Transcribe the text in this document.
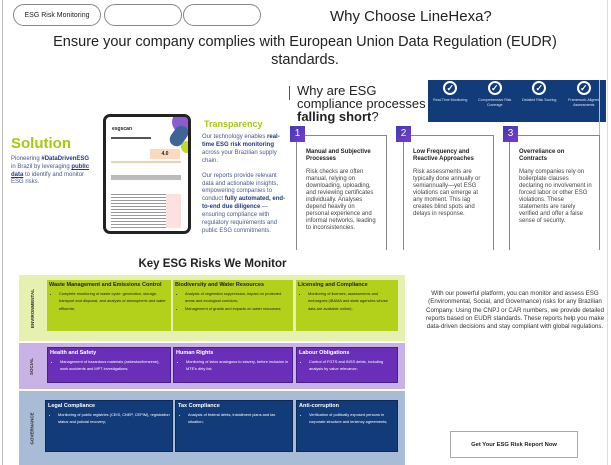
ESG Risk Monitoring	Why Choose LineHexa?
Ensure your company complies with European Union Data Regulation (EUDR) standards.
Solution
Pioneering #DataDrivenESG in Brazil by leveraging public data to identify and monitor ESG risks.
esgscan
4.0
Transparency

Our technology enables real-time ESG risk monitoring across your Brazilian supply chain.

Our reports provide relevant data and actionable insights, empowering companies to conduct fully automated, end-to-end due diligence — ensuring compliance with regulatory requirements and public ESG commitments.

Why are ESG
compliance processes
falling short?
✓
Real-Time Monitoring
✓
Comprehensive Risk Coverage
✓
Detailed Risk Scoring
✓
Framework-Aligned Assessments
Manual and Subjective Processes

Risk checks are often manual, relying on downloading, uploading, and reviewing certificates individually. Analyses depend heavily on personal experience and informal networks, leading to inconsistencies.

1
Low Frequency and Reactive Approaches

Risk assessments are typically done annually or semiannually—yet ESG violations can emerge at any moment. This lag creates blind spots and delays in response.

2
Overreliance on Contracts

Many companies rely on boilerplate clauses declaring no involvement in forced labor or other ESG violations. These statements are rarely verified and offer a false sense of security.

3
Key ESG Risks We Monitor
ENVIRONMENTAL
Waste Management and Emissions Control
• Complete monitoring of waste cycle: generation, storage, transport and disposal, and analysis of atmospheric and water effluents;
Biodiversity and Water Resources
• Analysis of vegetation suppression, impact on protected areas and ecological corridors;
• Management of grants and impacts on water resources;
Licensing and Compliance
• Monitoring of licenses, assessments and embargoes (IBAMA and state agencies whose data are available online);
SOCIAL
Health and Safety
• Management of hazardous materials (asbestos/benzene), work accidents and MPT investigations;
Human Rights
• Monitoring of labor analogous to slavery, before inclusion in MTE's dirty list;
Labour Obligations
• Control of FGTS and INSS debts, including analysis by value relevance;
GOVERNANCE
Legal Compliance
• Monitoring of public registries (CEIS, CNEP, CEPIM), registration status and judicial recovery;
Tax Compliance
• Analysis of federal debts, installment plans and tax situation;
Anti-corruption
• Verification of politically exposed persons in corporate structure and leniency agreements;
With our powerful platform, you can monitor and assess ESG (Environmental, Social, and Governance) risks for any Brazilian Company. Using the CNPJ or CAR numbers, we provide detailed reports based on EUDR standards. These reports help you make data-driven decisions and stay compliant with global regulations.
Get Your ESG Risk Report Now
